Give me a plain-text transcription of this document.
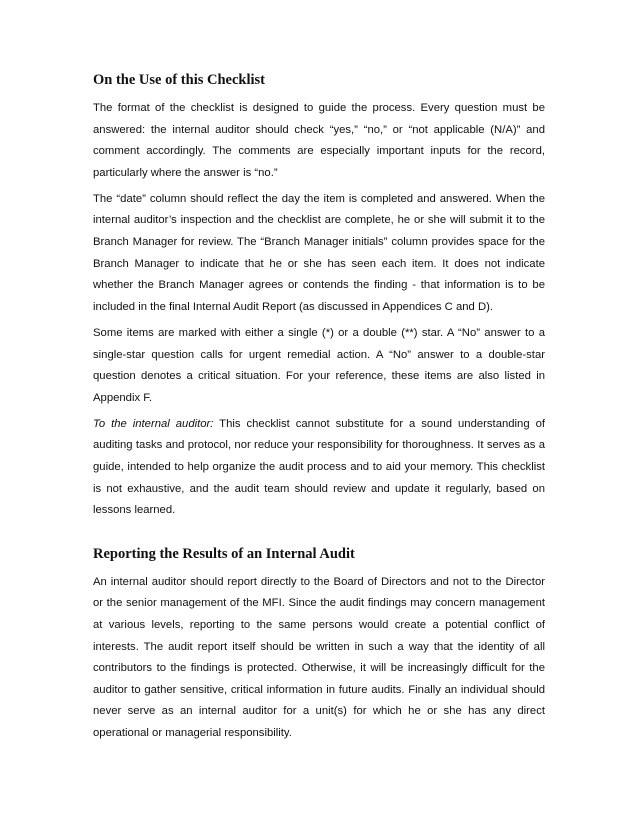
On the Use of this Checklist

The format of the checklist is designed to guide the process. Every question must be answered: the internal auditor should check “yes,” “no,” or “not applicable (N/A)” and comment accordingly. The comments are especially important inputs for the record, particularly where the answer is “no.”

The “date” column should reflect the day the item is completed and answered. When the internal auditor’s inspection and the checklist are complete, he or she will submit it to the Branch Manager for review. The “Branch Manager initials” column provides space for the Branch Manager to indicate that he or she has seen each item. It does not indicate whether the Branch Manager agrees or contends the finding - that information is to be included in the final Internal Audit Report (as discussed in Appendices C and D).

Some items are marked with either a single (*) or a double (**) star. A “No” answer to a single-star question calls for urgent remedial action. A “No” answer to a double-star question denotes a critical situation. For your reference, these items are also listed in Appendix F.

To the internal auditor: This checklist cannot substitute for a sound understanding of auditing tasks and protocol, nor reduce your responsibility for thoroughness. It serves as a guide, intended to help organize the audit process and to aid your memory. This checklist is not exhaustive, and the audit team should review and update it regularly, based on lessons learned.

Reporting the Results of an Internal Audit

An internal auditor should report directly to the Board of Directors and not to the Director or the senior management of the MFI. Since the audit findings may concern management at various levels, reporting to the same persons would create a potential conflict of interests. The audit report itself should be written in such a way that the identity of all contributors to the findings is protected. Otherwise, it will be increasingly difficult for the auditor to gather sensitive, critical information in future audits. Finally an individual should never serve as an internal auditor for a unit(s) for which he or she has any direct operational or managerial responsibility.
